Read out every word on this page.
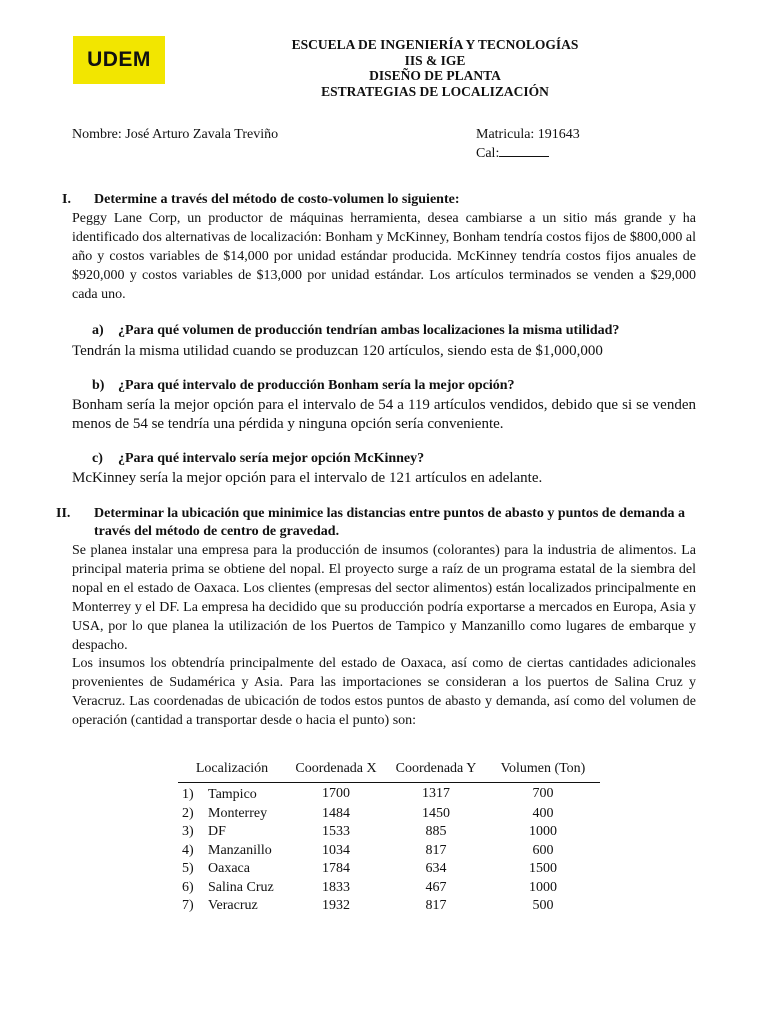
UDEM
ESCUELA DE INGENIERÍA Y TECNOLOGÍAS
IIS & IGE
DISEÑO DE PLANTA
ESTRATEGIAS DE LOCALIZACIÓN
Nombre: José Arturo Zavala Treviño	Matricula: 191643
Cal:
I. Determine a través del método de costo-volumen lo siguiente:

Peggy Lane Corp, un productor de máquinas herramienta, desea cambiarse a un sitio más grande y ha identificado dos alternativas de localización: Bonham y McKinney, Bonham tendría costos fijos de $800,000 al año y costos variables de $14,000 por unidad estándar producida. McKinney tendría costos fijos anuales de $920,000 y costos variables de $13,000 por unidad estándar. Los artículos terminados se venden a $29,000 cada uno.

a) ¿Para qué volumen de producción tendrían ambas localizaciones la misma utilidad?

Tendrán la misma utilidad cuando se produzcan 120 artículos, siendo esta de $1,000,000

b) ¿Para qué intervalo de producción Bonham sería la mejor opción?

Bonham sería la mejor opción para el intervalo de 54 a 119 artículos vendidos, debido que si se venden menos de 54 se tendría una pérdida y ninguna opción sería conveniente.

c) ¿Para qué intervalo sería mejor opción McKinney?

McKinney sería la mejor opción para el intervalo de 121 artículos en adelante.

II. Determinar la ubicación que minimice las distancias entre puntos de abasto y puntos de demanda a
través del método de centro de gravedad.

Se planea instalar una empresa para la producción de insumos (colorantes) para la industria de alimentos. La principal materia prima se obtiene del nopal. El proyecto surge a raíz de un programa estatal de la siembra del nopal en el estado de Oaxaca. Los clientes (empresas del sector alimentos) están localizados principalmente en Monterrey y el DF. La empresa ha decidido que su producción podría exportarse a mercados en Europa, Asia y USA, por lo que planea la utilización de los Puertos de Tampico y Manzanillo como lugares de embarque y despacho.

Los insumos los obtendría principalmente del estado de Oaxaca, así como de ciertas cantidades adicionales provenientes de Sudamérica y Asia. Para las importaciones se consideran a los puertos de Salina Cruz y Veracruz. Las coordenadas de ubicación de todos estos puntos de abasto y demanda, así como del volumen de operación (cantidad a transportar desde o hacia el punto) son:

Localización	Coordenada X	Coordenada Y	Volumen (Ton)
1) Tampico	1700	1317	700
2) Monterrey	1484	1450	400
3) DF	1533	885	1000
4) Manzanillo	1034	817	600
5) Oaxaca	1784	634	1500
6) Salina Cruz	1833	467	1000
7) Veracruz	1932	817	500
